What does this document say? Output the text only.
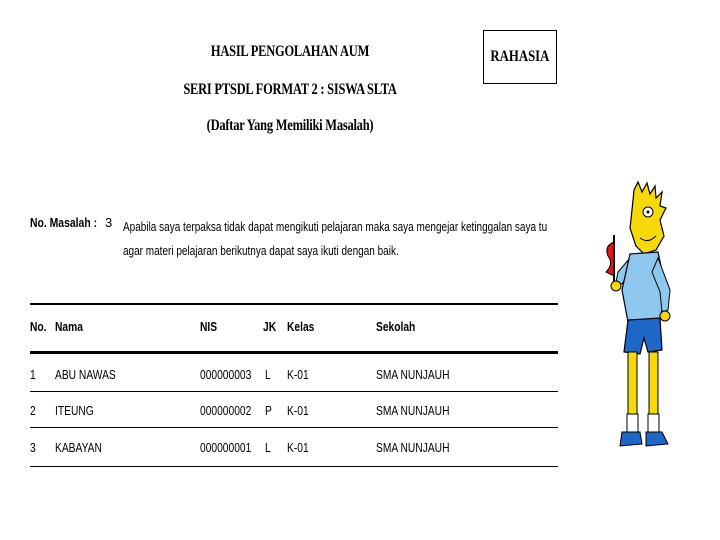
HASIL PENGOLAHAN AUM
SERI PTSDL FORMAT 2 : SISWA SLTA
(Daftar Yang Memiliki Masalah)
RAHASIA
No. Masalah : 3 Apabila saya terpaksa tidak dapat mengikuti pelajaran maka saya mengejar ketinggalan saya tu agar materi pelajaran berikutnya dapat saya ikuti dengan baik.
No. Nama	NIS	JK Kelas	Sekolah
1 ABU NAWAS	000000003 L K-01	SMA NUNJAUH
2 ITEUNG	000000002 P K-01	SMA NUNJAUH
3 KABAYAN	000000001 L K-01	SMA NUNJAUH
